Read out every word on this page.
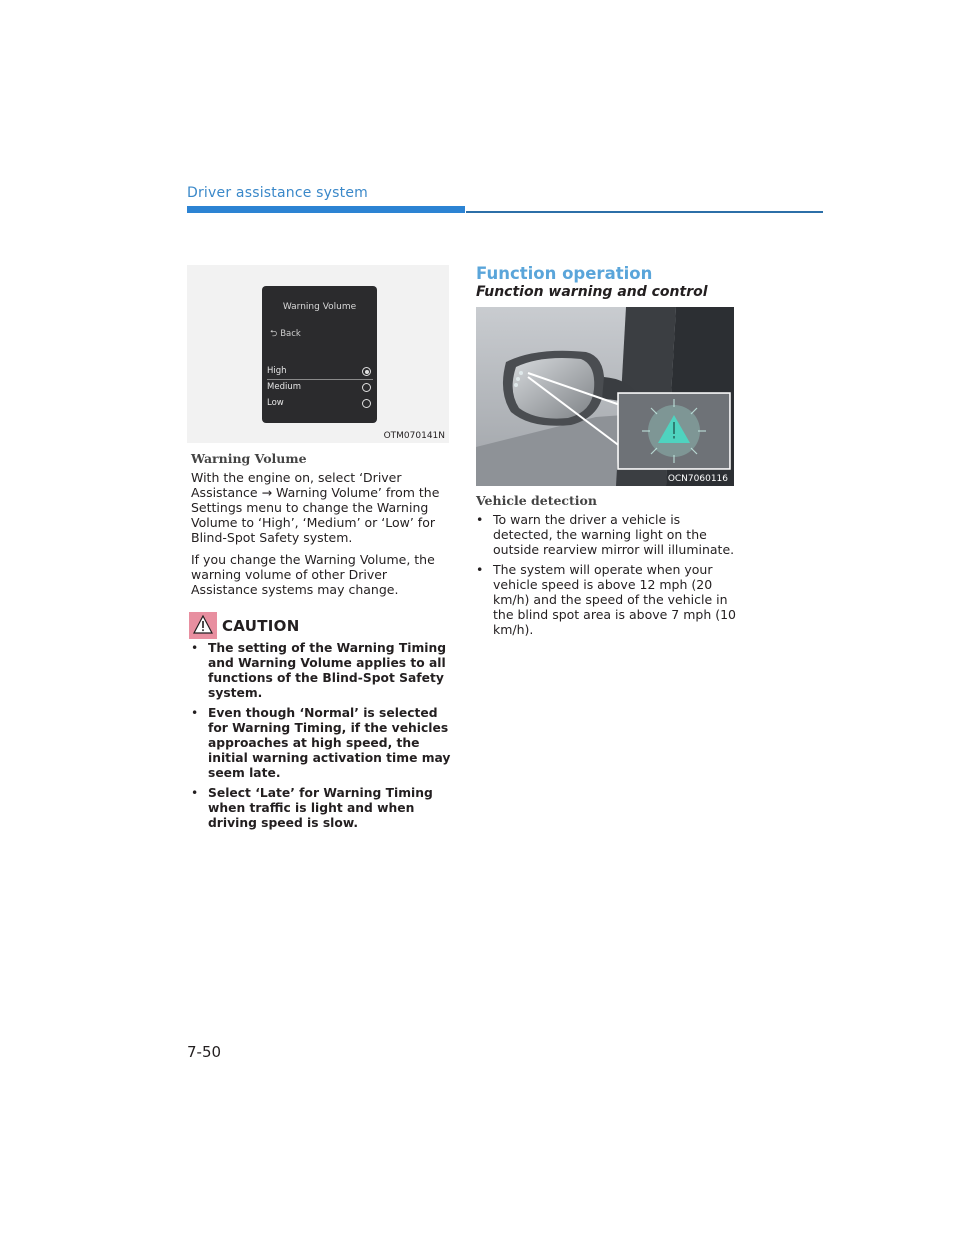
Driver assistance system
Warning Volume
⮌ Back
High
Medium
Low
OTM070141N
Warning Volume

With the engine on, select ‘Driver Assistance → Warning Volume’ from the Settings menu to change the Warning Volume to ‘High’, ‘Medium’ or ‘Low’ for Blind-Spot Safety system.

If you change the Warning Volume, the warning volume of other Driver Assistance systems may change.

CAUTION
• The setting of the Warning Timing and Warning Volume applies to all functions of the Blind-Spot Safety system.
• Even though ‘Normal’ is selected for Warning Timing, if the vehicles approaches at high speed, the initial warning activation time may seem late.
• Select ‘Late’ for Warning Timing when traffic is light and when driving speed is slow.
Function operation
Function warning and control
OCN7060116
Vehicle detection
• To warn the driver a vehicle is detected, the warning light on the outside rearview mirror will illuminate.
• The system will operate when your vehicle speed is above 12 mph (20 km/h) and the speed of the vehicle in the blind spot area is above 7 mph (10 km/h).
7-50
